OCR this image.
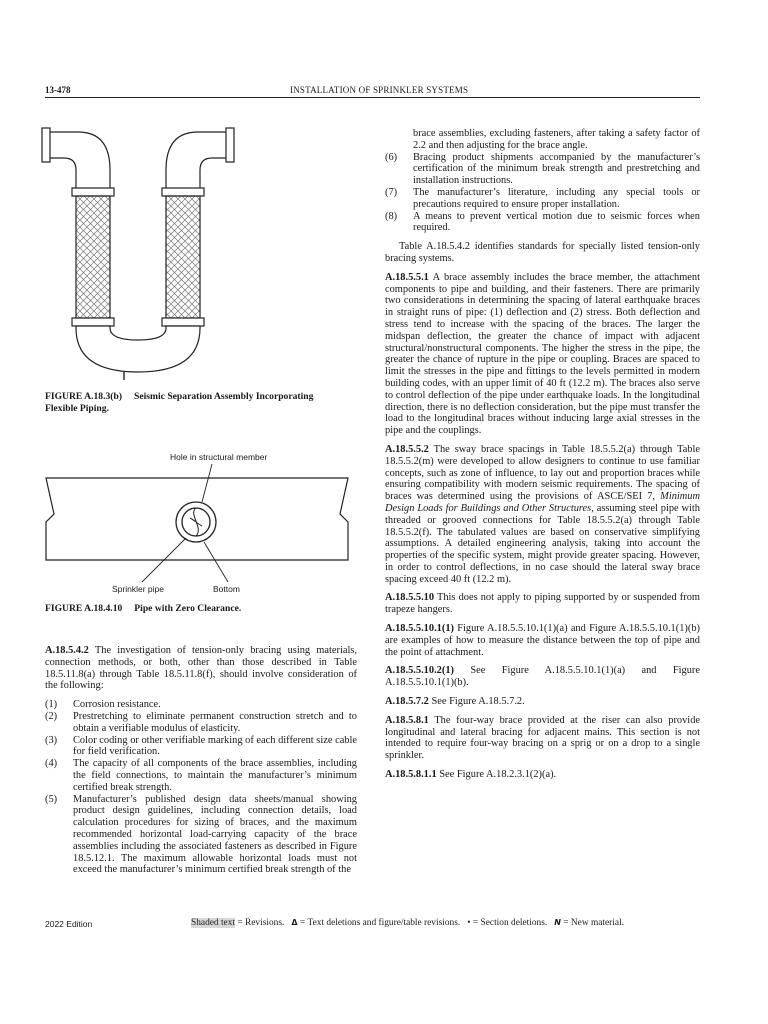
13-478	INSTALLATION OF SPRINKLER SYSTEMS
FIGURE A.18.3(b) Seismic Separation Assembly Incorporating Flexible Piping.
Hole in structural member
Sprinkler pipe	Bottom
FIGURE A.18.4.10 Pipe with Zero Clearance.

A.18.5.4.2 The investigation of tension-only bracing using materials, connection methods, or both, other than those described in Table 18.5.11.8(a) through Table 18.5.11.8(f), should involve consideration of the following:

(1) Corrosion resistance.
(2) Prestretching to eliminate permanent construction stretch and to obtain a verifiable modulus of elasticity.
(3) Color coding or other verifiable marking of each different size cable for field verification.
(4) The capacity of all components of the brace assemblies, including the field connections, to maintain the manufacturer’s minimum certified break strength.
(5) Manufacturer’s published design data sheets/manual showing product design guidelines, including connection details, load calculation procedures for sizing of braces, and the maximum recommended horizontal load-carrying capacity of the brace assemblies including the associated fasteners as described in Figure 18.5.12.1. The maximum allowable horizontal loads must not exceed the manufacturer’s minimum certified break strength of the
brace assemblies, excluding fasteners, after taking a safety factor of 2.2 and then adjusting for the brace angle.
(6) Bracing product shipments accompanied by the manufacturer’s certification of the minimum break strength and prestretching and installation instructions.
(7) The manufacturer’s literature, including any special tools or precautions required to ensure proper installation.
(8) A means to prevent vertical motion due to seismic forces when required.

Table A.18.5.4.2 identifies standards for specially listed tension-only bracing systems.

A.18.5.5.1 A brace assembly includes the brace member, the attachment components to pipe and building, and their fasteners. There are primarily two considerations in determining the spacing of lateral earthquake braces in straight runs of pipe: (1) deflection and (2) stress. Both deflection and stress tend to increase with the spacing of the braces. The larger the midspan deflection, the greater the chance of impact with adjacent structural/nonstructural components. The higher the stress in the pipe, the greater the chance of rupture in the pipe or coupling. Braces are spaced to limit the stresses in the pipe and fittings to the levels permitted in modern building codes, with an upper limit of 40 ft (12.2 m). The braces also serve to control deflection of the pipe under earthquake loads. In the longitudinal direction, there is no deflection consideration, but the pipe must transfer the load to the longitudinal braces without inducing large axial stresses in the pipe and the couplings.

A.18.5.5.2 The sway brace spacings in Table 18.5.5.2(a) through Table 18.5.5.2(m) were developed to allow designers to continue to use familiar concepts, such as zone of influence, to lay out and proportion braces while ensuring compatibility with modern seismic requirements. The spacing of braces was determined using the provisions of ASCE/SEI 7, Minimum Design Loads for Buildings and Other Structures, assuming steel pipe with threaded or grooved connections for Table 18.5.5.2(a) through Table 18.5.5.2(f). The tabulated values are based on conservative simplifying assumptions. A detailed engineering analysis, taking into account the properties of the specific system, might provide greater spacing. However, in order to control deflections, in no case should the lateral sway brace spacing exceed 40 ft (12.2 m).

A.18.5.5.10 This does not apply to piping supported by or suspended from trapeze hangers.

A.18.5.5.10.1(1) Figure A.18.5.5.10.1(1)(a) and Figure A.18.5.5.10.1(1)(b) are examples of how to measure the distance between the top of pipe and the point of attachment.

A.18.5.5.10.2(1) See Figure A.18.5.5.10.1(1)(a) and Figure A.18.5.5.10.1(1)(b).

A.18.5.7.2 See Figure A.18.5.7.2.

A.18.5.8.1 The four-way brace provided at the riser can also provide longitudinal and lateral bracing for adjacent mains. This section is not intended to require four-way bracing on a sprig or on a drop to a single sprinkler.

A.18.5.8.1.1 See Figure A.18.2.3.1(2)(a).

2022 Edition	Shaded text = Revisions. Δ = Text deletions and figure/table revisions. • = Section deletions. N = New material.
